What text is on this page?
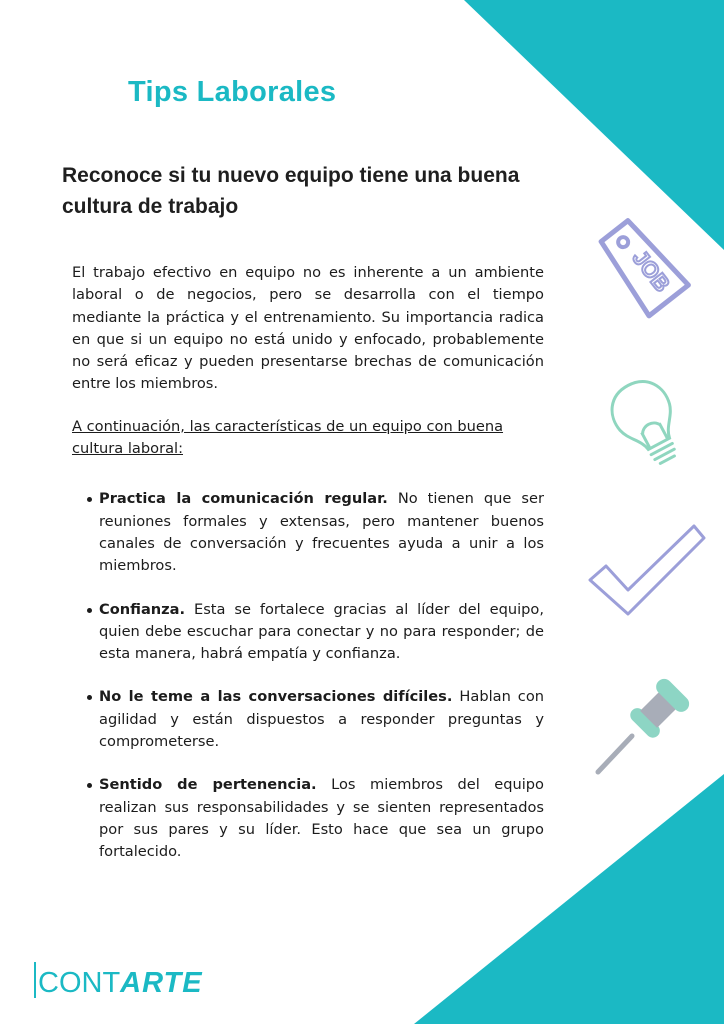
Tips Laborales
Reconoce si tu nuevo equipo tiene una buena cultura de trabajo

El trabajo efectivo en equipo no es inherente a un ambiente laboral o de negocios, pero se desarrolla con el tiempo mediante la práctica y el entrenamiento. Su importancia radica en que si un equipo no está unido y enfocado, probablemente no será eficaz y pueden presentarse brechas de comunicación entre los miembros.

A continuación, las características de un equipo con buena cultura laboral:

Practica la comunicación regular. No tienen que ser reuniones formales y extensas, pero mantener buenos canales de conversación y frecuentes ayuda a unir a los miembros.
Confianza. Esta se fortalece gracias al líder del equipo, quien debe escuchar para conectar y no para responder; de esta manera, habrá empatía y confianza.
No le teme a las conversaciones difíciles. Hablan con agilidad y están dispuestos a responder preguntas y comprometerse.
Sentido de pertenencia. Los miembros del equipo realizan sus responsabilidades y se sienten representados por sus pares y su líder. Esto hace que sea un grupo fortalecido.
JOB
CONT ARTE
